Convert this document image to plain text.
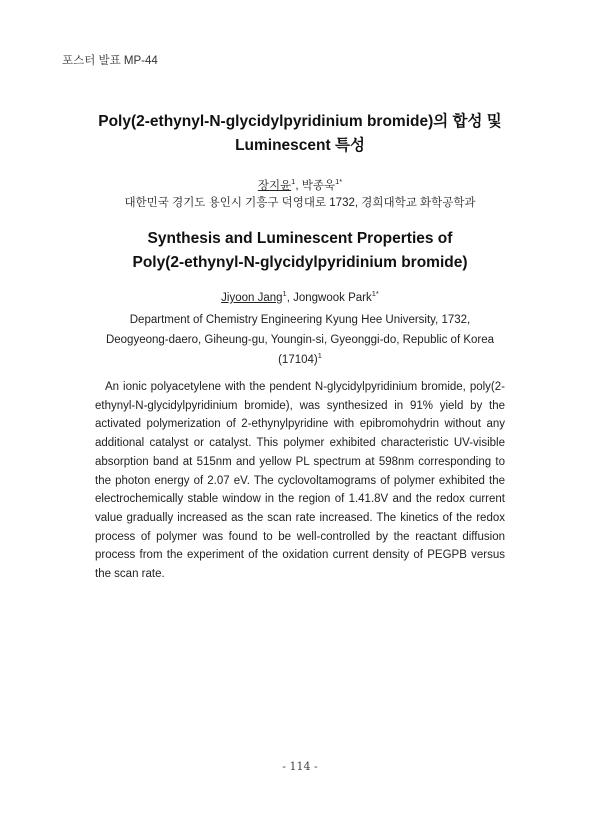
포스터 발표 MP-44
Poly(2-ethynyl-N-glycidylpyridinium bromide)의 합성 및
Luminescent 특성
장지윤$^1$, 박종욱$^{1*}$
대한민국 경기도 용인시 기흥구 덕영대로 1732, 경희대학교 화학공학과
Synthesis and Luminescent Properties of
Poly(2-ethynyl-N-glycidylpyridinium bromide)
Jiyoon Jang$^1$, Jongwook Park$^{1*}$
Department of Chemistry Engineering Kyung Hee University, 1732,
Deogyeong-daero, Giheung-gu, Youngin-si, Gyeonggi-do, Republic of Korea
$(17104)^1$
An ionic polyacetylene with the pendent N-glycidylpyridinium bromide, poly(2-ethynyl-N-glycidylpyridinium bromide), was synthesized in 91% yield by the activated polymerization of 2-ethynylpyridine with epibromohydrin without any additional catalyst or catalyst. This polymer exhibited characteristic UV-visible absorption band at 515nm and yellow PL spectrum at 598nm corresponding to the photon energy of 2.07 eV. The cyclovoltamograms of polymer exhibited the electrochemically stable window in the region of 1.41.8V and the redox current value gradually increased as the scan rate increased. The kinetics of the redox process of polymer was found to be well-controlled by the reactant diffusion process from the experiment of the oxidation current density of PEGPB versus the scan rate.
- 114 -
